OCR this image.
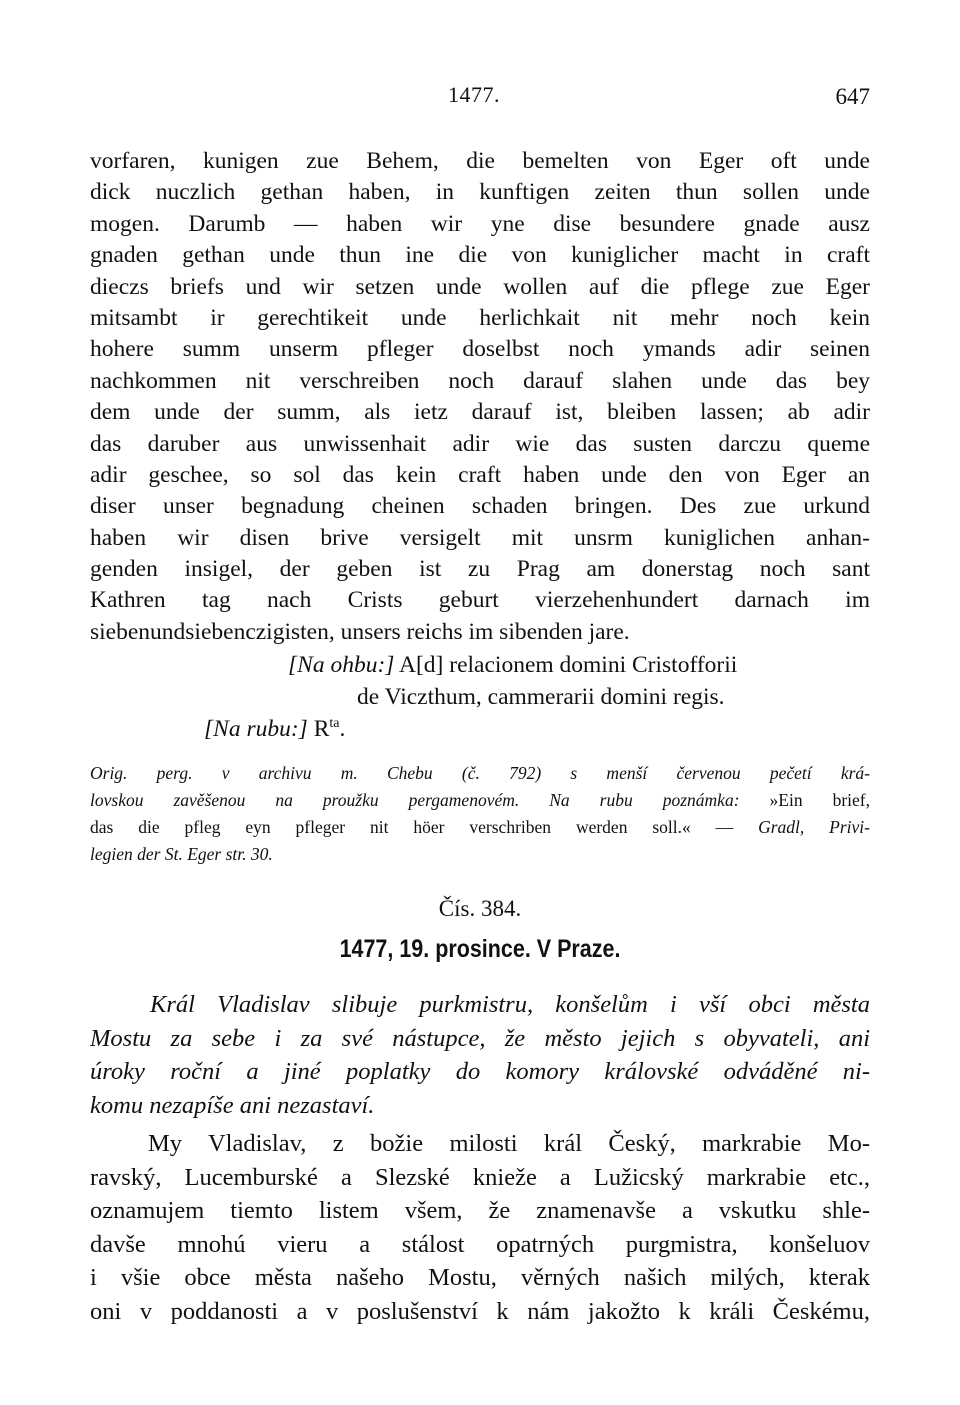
1477.	647
vorfaren, kunigen zue Behem, die bemelten von Eger oft unde
dick nuczlich gethan haben, in kunftigen zeiten thun sollen unde
mogen. Darumb — haben wir yne dise besundere gnade ausz
gnaden gethan unde thun ine die von kuniglicher macht in craft
dieczs briefs und wir setzen unde wollen auf die pflege zue Eger
mitsambt ir gerechtikeit unde herlichkait nit mehr noch kein
hohere summ unserm pfleger doselbst noch ymands adir seinen
nachkommen nit verschreiben noch darauf slahen unde das bey
dem unde der summ, als ietz darauf ist, bleiben lassen; ab adir
das daruber aus unwissenhait adir wie das susten darczu queme
adir geschee, so sol das kein craft haben unde den von Eger an
diser unser begnadung cheinen schaden bringen. Des zue urkund
haben wir disen brive versigelt mit unsrm kuniglichen anhan-
genden insigel, der geben ist zu Prag am donerstag noch sant
Kathren tag nach Crists geburt vierzehenhundert darnach im
siebenundsiebenczigisten, unsers reichs im sibenden jare.
[Na ohbu:] A[d] relacionem domini Cristofforii
de Viczthum, cammerarii domini regis.
[Na rubu:] $R^{ta}$.
Orig. perg. v archivu m. Chebu (č. 792) s menší červenou pečetí krá-
lovskou zavěšenou na proužku pergamenovém. Na rubu poznámka: »Ein brief,
das die pfleg eyn pfleger nit höer verschriben werden soll.« — Gradl, Privi-
legien der St. Eger str. 30.
Čís. 384.
1477, 19. prosince. V Praze.
Král Vladislav slibuje purkmistru, konšelům i vší obci města
Mostu za sebe i za své nástupce, že město jejich s obyvateli, ani
úroky roční a jiné poplatky do komory královské odváděné ni-
komu nezapíše ani nezastaví.
My Vladislav, z božie milosti král Český, markrabie Mo-
ravský, Lucemburské a Slezské knieže a Lužicský markrabie etc.,
oznamujem tiemto listem všem, že znamenavše a vskutku shle-
davše mnohú vieru a stálost opatrných purgmistra, konšeluov
i všie obce města našeho Mostu, věrných našich milých, kterak
oni v poddanosti a v poslušenství k nám jakožto k králi Českému,
